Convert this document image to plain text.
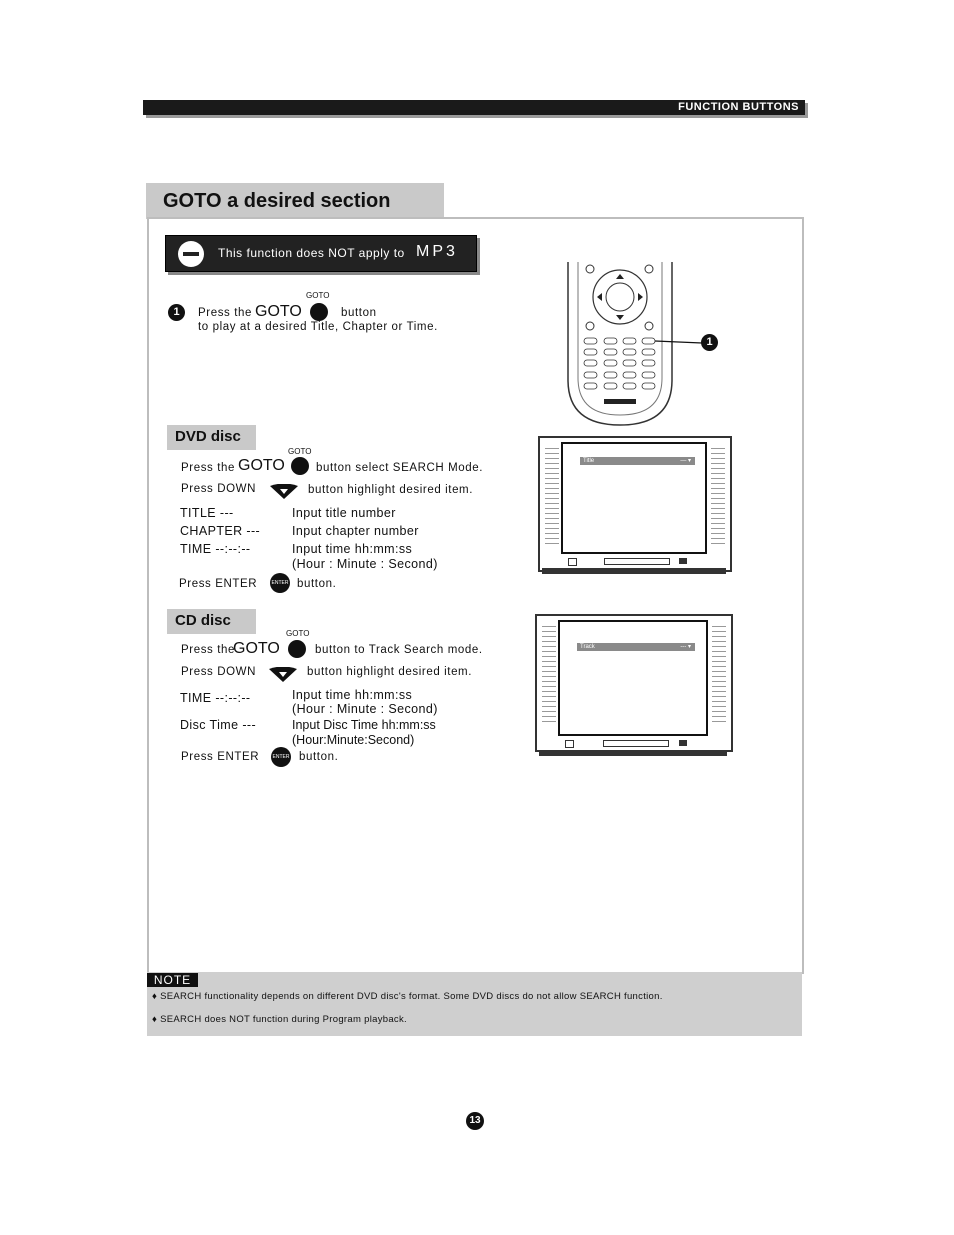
FUNCTION BUTTONS
GOTO a desired section
This function does NOT apply to MP3
1
GOTO
Press the GOTO	button
to play at a desired Title, Chapter or Time.
1
DVD disc
GOTO
Press the GOTO	button select SEARCH Mode.
Press DOWN	button highlight desired item.
TITLE ---	Input title number
CHAPTER ---	Input chapter number
TIME --:--:--	Input time hh:mm:ss
(Hour : Minute : Second)
Press ENTER	ENTER button.
Title	— ▾
CD disc
GOTO
Press the
GOTO	button to Track Search mode.
Press DOWN	button highlight desired item.
TIME --:--:--	Input time hh:mm:ss
(Hour : Minute : Second)
Disc Time ---	Input Disc Time hh:mm:ss
(Hour:Minute:Second)
Press ENTER	ENTER button.
Track	--- ▾
NOTE
♦ SEARCH functionality depends on different DVD disc's format. Some DVD discs do not allow SEARCH function.
♦ SEARCH does NOT function during Program playback.
13
